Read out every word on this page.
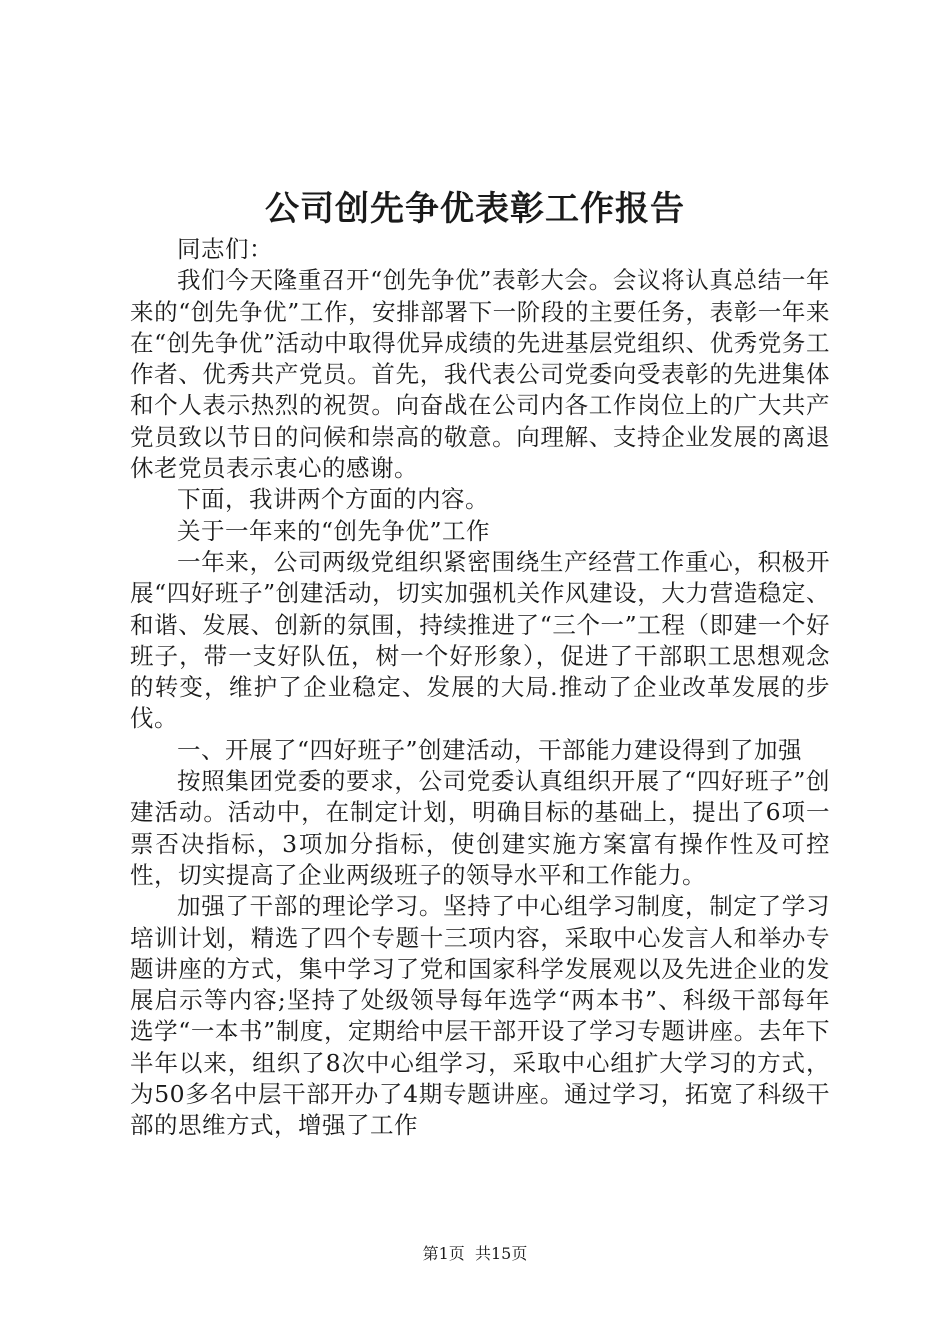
公司创先争优表彰工作报告

同志们：

我们今天隆重召开“创先争优”表彰大会。会议将认真总结一年来的“创先争优”工作，安排部署下一阶段的主要任务，表彰一年来在“创先争优”活动中取得优异成绩的先进基层党组织、优秀党务工作者、优秀共产党员。首先，我代表公司党委向受表彰的先进集体和个人表示热烈的祝贺。向奋战在公司内各工作岗位上的广大共产党员致以节日的问候和崇高的敬意。向理解、支持企业发展的离退休老党员表示衷心的感谢。

下面，我讲两个方面的内容。

关于一年来的“创先争优”工作

一年来，公司两级党组织紧密围绕生产经营工作重心，积极开展“四好班子”创建活动，切实加强机关作风建设，大力营造稳定、和谐、发展、创新的氛围，持续推进了“三个一”工程（即建一个好班子，带一支好队伍，树一个好形象），促进了干部职工思想观念的转变，维护了企业稳定、发展的大局.推动了企业改革发展的步伐。

一、开展了“四好班子”创建活动，干部能力建设得到了加强

按照集团党委的要求，公司党委认真组织开展了“四好班子”创建活动。活动中，在制定计划，明确目标的基础上，提出了6项一票否决指标，3项加分指标，使创建实施方案富有操作性及可控性，切实提高了企业两级班子的领导水平和工作能力。

加强了干部的理论学习。坚持了中心组学习制度，制定了学习培训计划，精选了四个专题十三项内容，采取中心发言人和举办专题讲座的方式，集中学习了党和国家科学发展观以及先进企业的发展启示等内容;坚持了处级领导每年选学“两本书”、科级干部每年选学“一本书”制度，定期给中层干部开设了学习专题讲座。去年下半年以来，组织了8次中心组学习，采取中心组扩大学习的方式，为50多名中层干部开办了4期专题讲座。通过学习，拓宽了科级干部的思维方式，增强了工作

第1页 共15页
